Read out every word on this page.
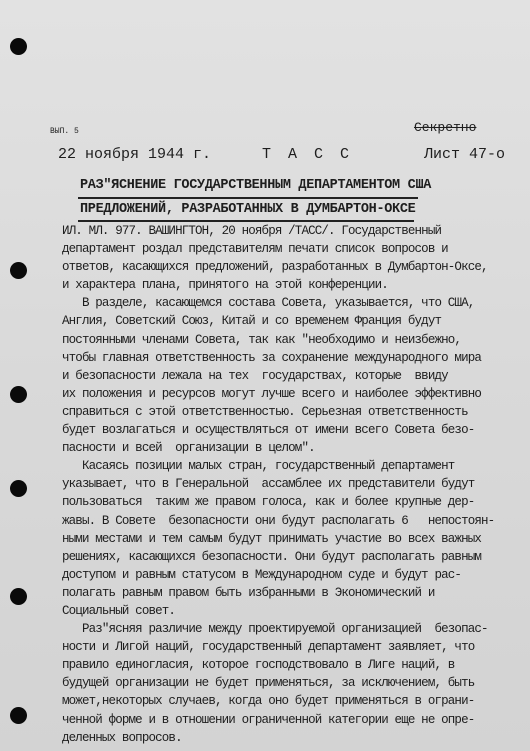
ВЫП. 5	Секретно
22 ноября 1944 г.	Т А С С	Лист 47-о
РАЗ"ЯСНЕНИЕ ГОСУДАРСТВЕННЫМ ДЕПАРТАМЕНТОМ США
ПРЕДЛОЖЕНИЙ, РАЗРАБОТАННЫХ В ДУМБАРТОН-ОКСЕ

ИЛ. МЛ. 977. ВАШИНГТОН, 20 ноября /ТАСС/. Государственный

департамент роздал представителям печати список вопросов и

ответов, касающихся предложений, разработанных в Думбартон-Оксе,

и характера плана, принятого на этой конференции.

В разделе, касающемся состава Совета, указывается, что США,

Англия, Советский Союз, Китай и со временем Франция будут

постоянными членами Совета, так как "необходимо и неизбежно,

чтобы главная ответственность за сохранение международного мира

и безопасности лежала на тех  государствах, которые  ввиду

их положения и ресурсов могут лучше всего и наиболее эффективно

справиться с этой ответственностью. Серьезная ответственность

будет возлагаться и осуществляться от имени всего Совета безо-

пасности и всей  организации в целом".

Касаясь позиции малых стран, государственный департамент

указывает, что в Генеральной  ассамблее их представители будут

пользоваться  таким же правом голоса, как и более крупные дер-

жавы. В Совете  безопасности они будут располагать 6   непостоян-

ными местами и тем самым будут принимать участие во всех важных

решениях, касающихся безопасности. Они будут располагать равным

доступом и равным статусом в Международном суде и будут рас-

полагать равным правом быть избранными в Экономический и

Социальный совет.

Раз"ясняя различие между проектируемой организацией  безопас-

ности и Лигой наций, государственный департамент заявляет, что

правило единогласия, которое господствовало в Лиге наций, в

будущей организации не будет применяться, за исключением, быть

может,некоторых случаев, когда оно будет применяться в ограни-

ченной форме и в отношении ограниченной категории еще не опре-

деленных вопросов.
